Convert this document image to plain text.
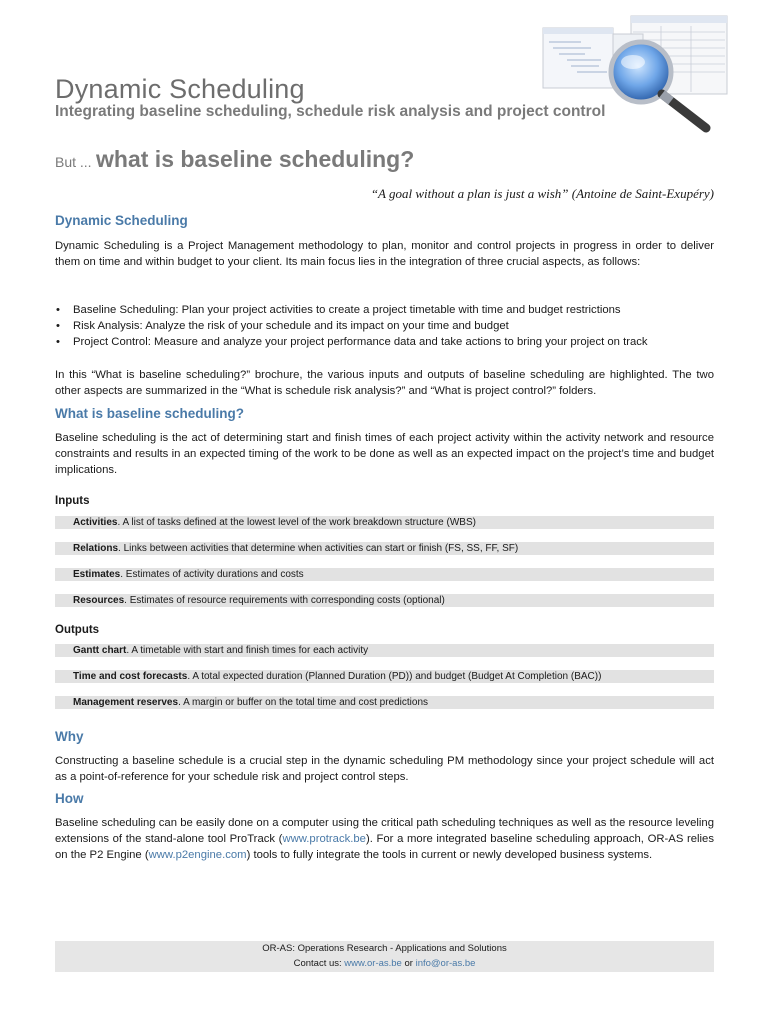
Dynamic Scheduling
Integrating baseline scheduling, schedule risk analysis and project control
But ... what is baseline scheduling?
“A goal without a plan is just a wish” (Antoine de Saint-Exupéry)
Dynamic Scheduling
Dynamic Scheduling is a Project Management methodology to plan, monitor and control projects in progress in order to deliver them on time and within budget to your client. Its main focus lies in the integration of three crucial aspects, as follows:
• Baseline Scheduling: Plan your project activities to create a project timetable with time and budget restrictions
• Risk Analysis: Analyze the risk of your schedule and its impact on your time and budget
• Project Control: Measure and analyze your project performance data and take actions to bring your project on track
In this “What is baseline scheduling?” brochure, the various inputs and outputs of baseline scheduling are highlighted. The two other aspects are summarized in the “What is schedule risk analysis?” and “What is project control?” folders.
What is baseline scheduling?
Baseline scheduling is the act of determining start and finish times of each project activity within the activity network and resource constraints and results in an expected timing of the work to be done as well as an expected impact on the project’s time and budget implications.
Inputs
Activities. A list of tasks defined at the lowest level of the work breakdown structure (WBS)
Relations. Links between activities that determine when activities can start or finish (FS, SS, FF, SF)
Estimates. Estimates of activity durations and costs
Resources. Estimates of resource requirements with corresponding costs (optional)
Outputs
Gantt chart. A timetable with start and finish times for each activity
Time and cost forecasts. A total expected duration (Planned Duration (PD)) and budget (Budget At Completion (BAC))
Management reserves. A margin or buffer on the total time and cost predictions
Why
Constructing a baseline schedule is a crucial step in the dynamic scheduling PM methodology since your project schedule will act as a point-of-reference for your schedule risk and project control steps.
How
Baseline scheduling can be easily done on a computer using the critical path scheduling techniques as well as the resource leveling extensions of the stand-alone tool ProTrack (www.protrack.be). For a more integrated baseline scheduling approach, OR-AS relies on the P2 Engine (www.p2engine.com) tools to fully integrate the tools in current or newly developed business systems.
OR-AS: Operations Research - Applications and Solutions
Contact us: www.or-as.be or info@or-as.be
